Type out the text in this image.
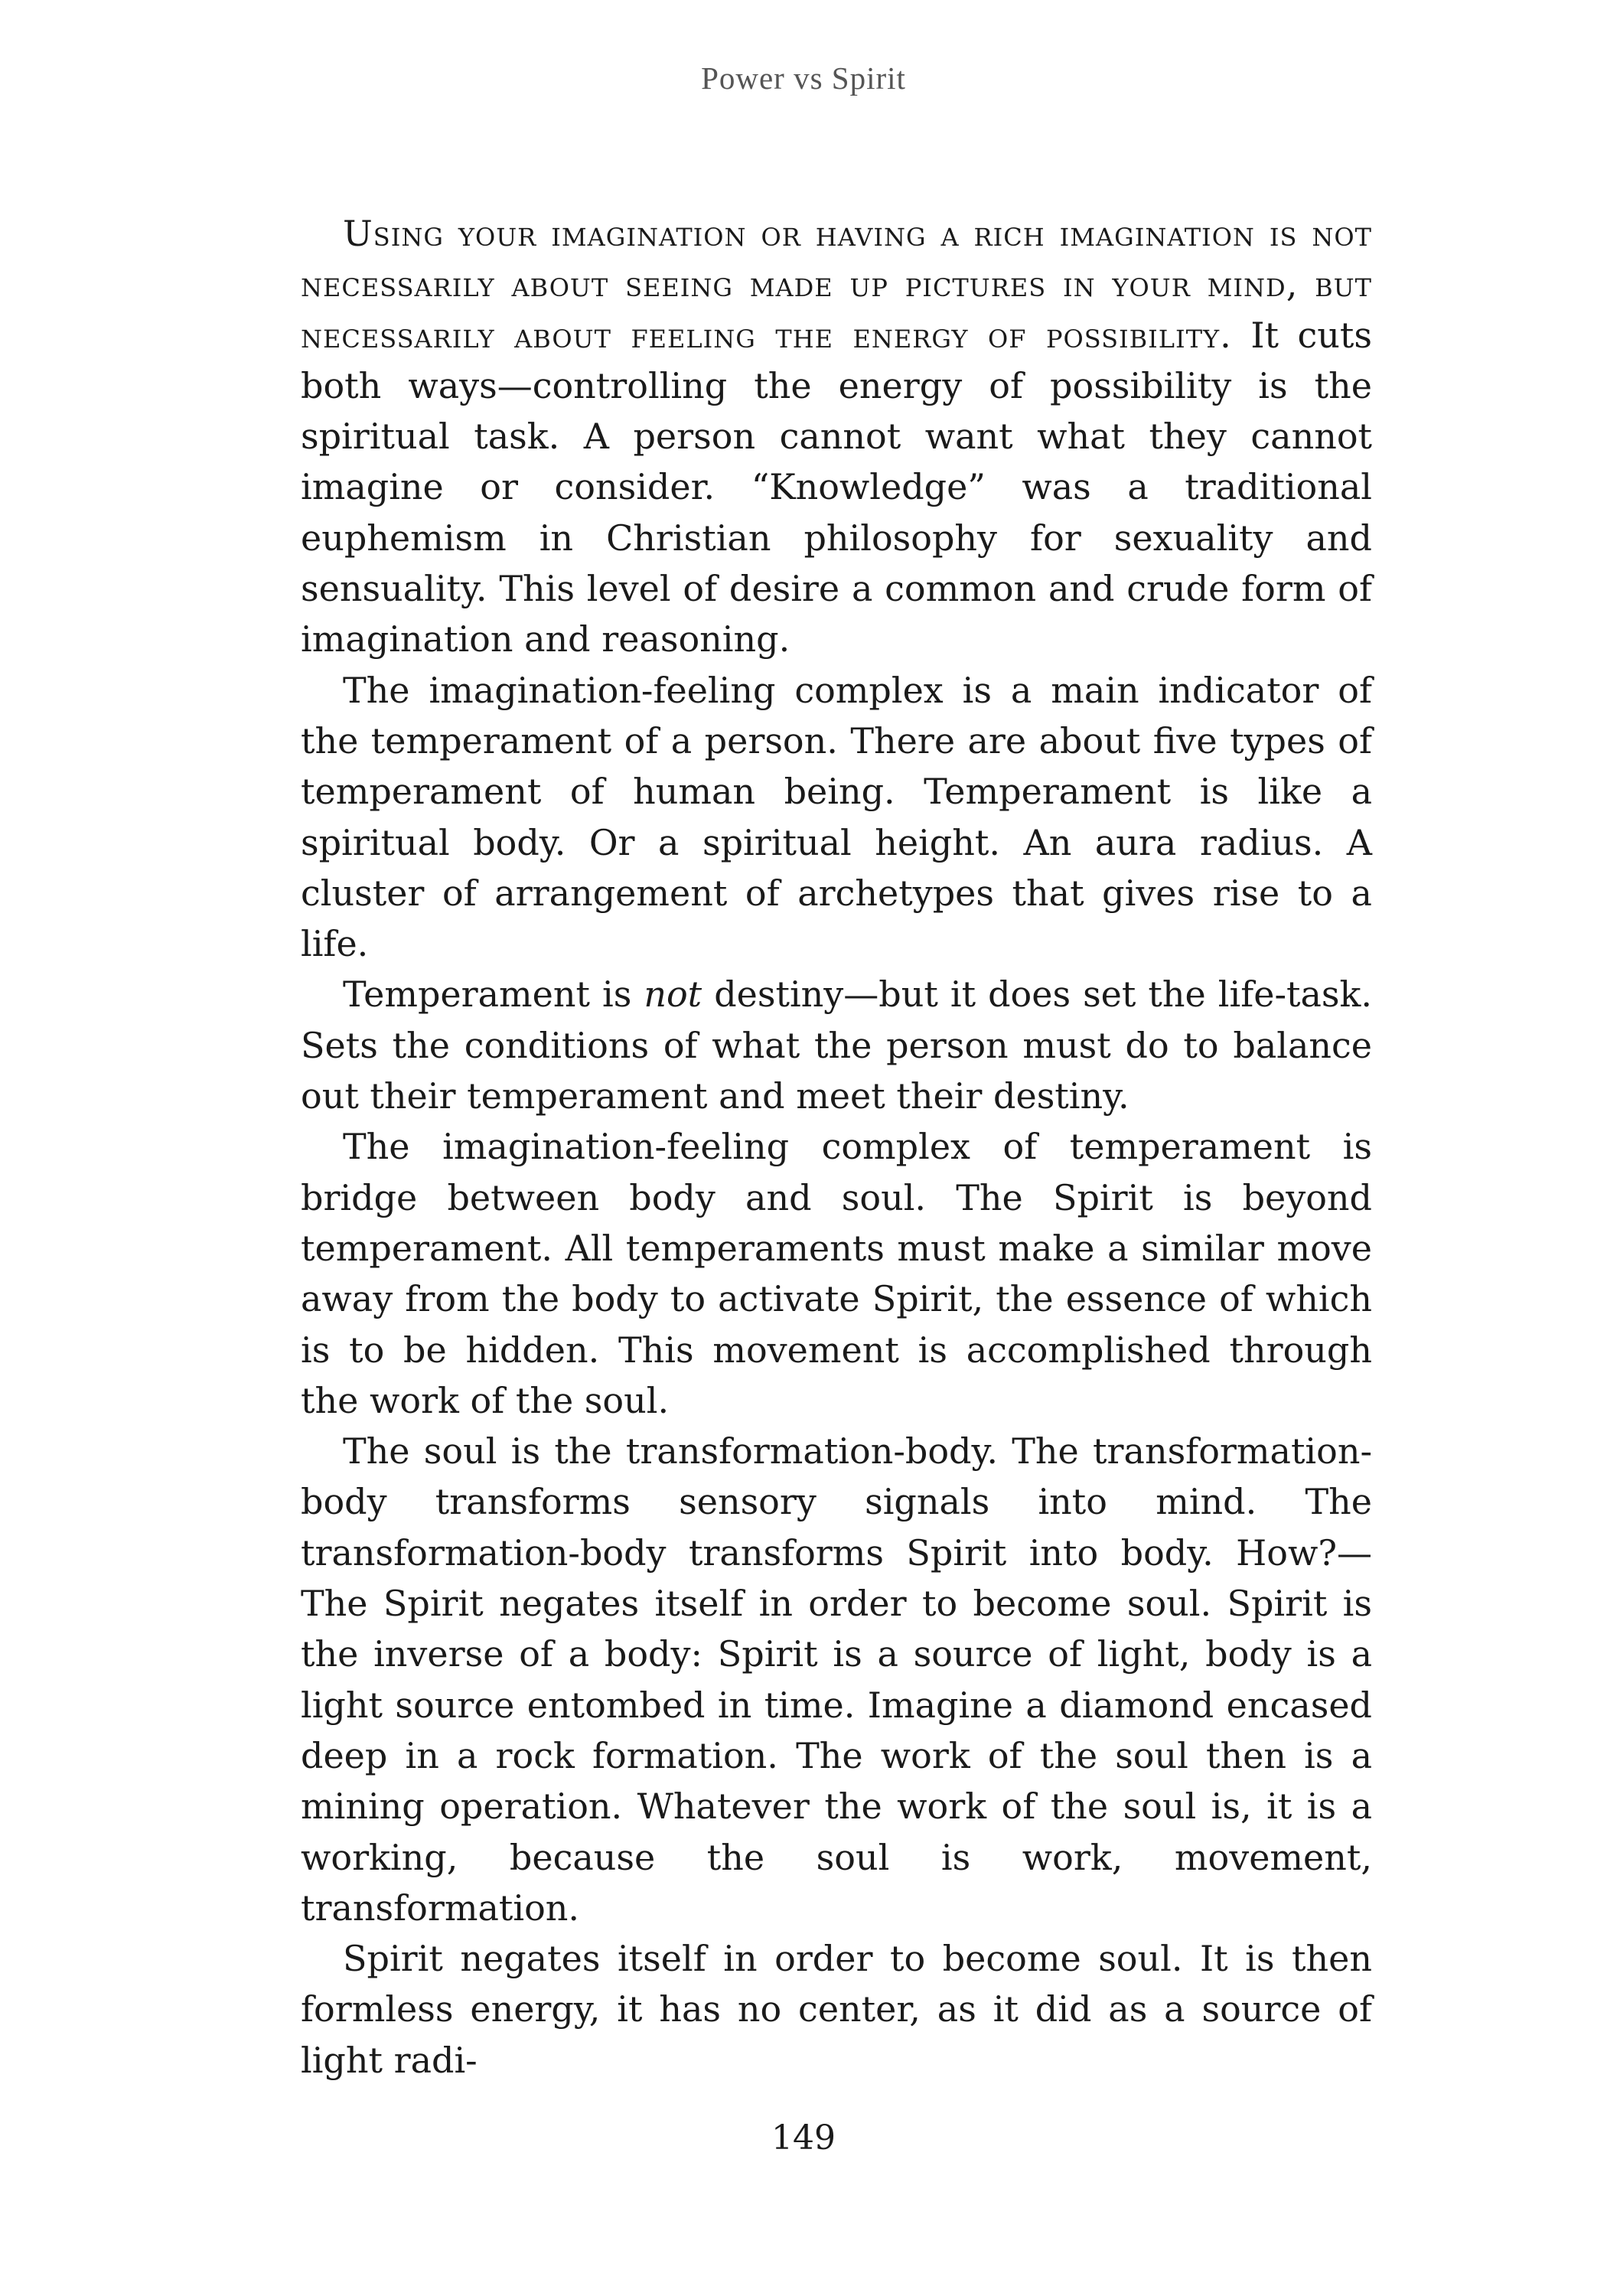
Power vs Spirit

Using your imagination or having a rich imagination is not necessarily about seeing made up pictures in your mind, but necessarily about feeling the energy of possibility. It cuts both ways—controlling the energy of possibility is the spiritual task. A person cannot want what they cannot imagine or consider. “Knowledge” was a traditional euphemism in Christian philosophy for sexuality and sensuality. This level of desire a common and crude form of imagination and reasoning.

The imagination-feeling complex is a main indicator of the temperament of a person. There are about five types of temperament of human being. Temperament is like a spiritual body. Or a spiritual height. An aura radius. A cluster of arrangement of archetypes that gives rise to a life.

Temperament is not destiny—but it does set the life-task. Sets the conditions of what the person must do to balance out their temperament and meet their destiny.

The imagination-feeling complex of temperament is bridge between body and soul. The Spirit is beyond temperament. All temperaments must make a similar move away from the body to activate Spirit, the essence of which is to be hidden. This movement is accomplished through the work of the soul.

The soul is the transformation-body. The transformation-body transforms sensory signals into mind. The transformation-body transforms Spirit into body. How?—The Spirit negates itself in order to become soul. Spirit is the inverse of a body: Spirit is a source of light, body is a light source entombed in time. Imagine a diamond encased deep in a rock formation. The work of the soul then is a mining operation. Whatever the work of the soul is, it is a working, because the soul is work, movement, transformation.

Spirit negates itself in order to become soul. It is then formless energy, it has no center, as it did as a source of light radi-

149
